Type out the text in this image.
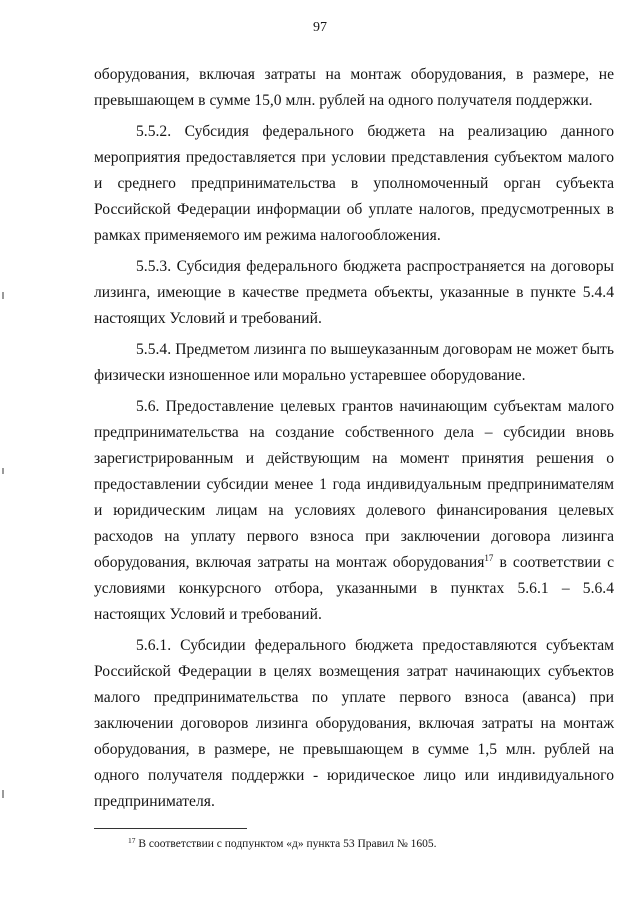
97

оборудования, включая затраты на монтаж оборудования, в размере, не превышающем в сумме 15,0 млн. рублей на одного получателя поддержки.

5.5.2. Субсидия федерального бюджета на реализацию данного мероприятия предоставляется при условии представления субъектом малого и среднего предпринимательства в уполномоченный орган субъекта Российской Федерации информации об уплате налогов, предусмотренных в рамках применяемого им режима налогообложения.

5.5.3. Субсидия федерального бюджета распространяется на договоры лизинга, имеющие в качестве предмета объекты, указанные в пункте 5.4.4 настоящих Условий и требований.

5.5.4. Предметом лизинга по вышеуказанным договорам не может быть физически изношенное или морально устаревшее оборудование.

5.6. Предоставление целевых грантов начинающим субъектам малого предпринимательства на создание собственного дела – субсидии вновь зарегистрированным и действующим на момент принятия решения о предоставлении субсидии менее 1 года индивидуальным предпринимателям и юридическим лицам на условиях долевого финансирования целевых расходов на уплату первого взноса при заключении договора лизинга оборудования, включая затраты на монтаж оборудования$^{17}$ в соответствии с условиями конкурсного отбора, указанными в пунктах 5.6.1 – 5.6.4 настоящих Условий и требований.

5.6.1. Субсидии федерального бюджета предоставляются субъектам Российской Федерации в целях возмещения затрат начинающих субъектов малого предпринимательства по уплате первого взноса (аванса) при заключении договоров лизинга оборудования, включая затраты на монтаж оборудования, в размере, не превышающем в сумме 1,5 млн. рублей на одного получателя поддержки - юридическое лицо или индивидуального предпринимателя.

$^{17}$ В соответствии с подпунктом «д» пункта 53 Правил № 1605.
